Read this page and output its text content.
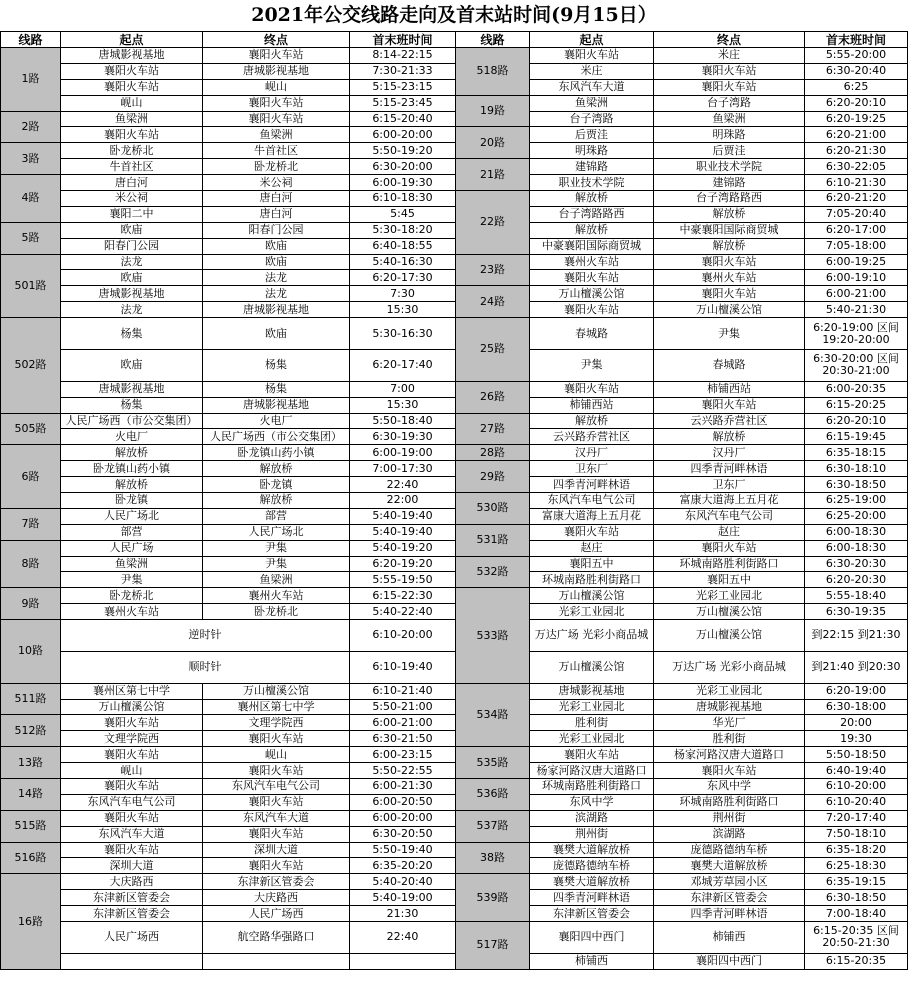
2021年公交线路走向及首末站时间(9月15日）
线路	起点	终点	首末班时间
1路	唐城影视基地	襄阳火车站	8:14-22:15
	襄阳火车站	唐城影视基地	7:30-21:33
	襄阳火车站	岘山	5:15-23:15
	岘山	襄阳火车站	5:15-23:45
2路	鱼梁洲	襄阳火车站	6:15-20:40
	襄阳火车站	鱼梁洲	6:00-20:00
3路	卧龙桥北	牛首社区	5:50-19:20
	牛首社区	卧龙桥北	6:30-20:00
4路	唐白河	米公祠	6:00-19:30
	米公祠	唐白河	6:10-18:30
	襄阳二中	唐白河	5:45
5路	欧庙	阳春门公园	5:30-18:20
	阳春门公园	欧庙	6:40-18:55
501路	法龙	欧庙	5:40-16:30
	欧庙	法龙	6:20-17:30
	唐城影视基地	法龙	7:30
	法龙	唐城影视基地	15:30
502路	杨集	欧庙	5:30-16:30
	欧庙	杨集	6:20-17:40
	唐城影视基地	杨集	7:00
	杨集	唐城影视基地	15:30
505路	人民广场西（市公交集团）	火电厂	5:50-18:40
	火电厂	人民广场西（市公交集团）	6:30-19:30
6路	解放桥	卧龙镇山药小镇	6:00-19:00
	卧龙镇山药小镇	解放桥	7:00-17:30
	解放桥	卧龙镇	22:40
	卧龙镇	解放桥	22:00
7路	人民广场北	部营	5:40-19:40
	部营	人民广场北	5:40-19:40
8路	人民广场	尹集	5:40-19:20
	鱼梁洲	尹集	6:20-19:20
	尹集	鱼梁洲	5:55-19:50
9路	卧龙桥北	襄州火车站	6:15-22:30
	襄州火车站	卧龙桥北	5:40-22:40
10路	逆时针		6:10-20:00
	顺时针		6:10-19:40
511路	襄州区第七中学	万山檀溪公馆	6:10-21:40
	万山檀溪公馆	襄州区第七中学	5:50-21:00
512路	襄阳火车站	文理学院西	6:00-21:00
	文理学院西	襄阳火车站	6:30-21:50
13路	襄阳火车站	岘山	6:00-23:15
	岘山	襄阳火车站	5:50-22:55
14路	襄阳火车站	东风汽车电气公司	6:00-21:30
	东风汽车电气公司	襄阳火车站	6:00-20:50
515路	襄阳火车站	东风汽车大道	6:00-20:00
	东风汽车大道	襄阳火车站	6:30-20:50
516路	襄阳火车站	深圳大道	5:50-19:40
	深圳大道	襄阳火车站	6:35-20:20
16路	大庆路西	东津新区管委会	5:40-20:40
	东津新区管委会	大庆路西	5:40-19:00
	东津新区管委会	人民广场西	21:30
	人民广场西	航空路华强路口	22:40

线路	起点	终点	首末班时间
518路	襄阳火车站	米庄	5:55-20:00
	米庄	襄阳火车站	6:30-20:40
	东风汽车大道	襄阳火车站	6:25
19路	鱼梁洲	台子湾路	6:20-20:10
	台子湾路	鱼梁洲	6:20-19:25
20路	后贾洼	明珠路	6:20-21:00
	明珠路	后贾洼	6:20-21:30
21路	建锦路	职业技术学院	6:30-22:05
	职业技术学院	建锦路	6:10-21:30
22路	解放桥	台子湾路路西	6:20-21:20
	台子湾路路西	解放桥	7:05-20:40
	解放桥	中豪襄阳国际商贸城	6:20-17:00
	中豪襄阳国际商贸城	解放桥	7:05-18:00
23路	襄州火车站	襄阳火车站	6:00-19:25
	襄阳火车站	襄州火车站	6:00-19:10
24路	万山檀溪公馆	襄阳火车站	6:00-21:00
	襄阳火车站	万山檀溪公馆	5:40-21:30
25路	春城路	尹集	6:20-19:00 区间19:20-20:00
	尹集	春城路	6:30-20:00 区间20:30-21:00
26路	襄阳火车站	柿铺西站	6:00-20:35
	柿铺西站	襄阳火车站	6:15-20:25
27路	解放桥	云兴路乔营社区	6:20-20:10
	云兴路乔营社区	解放桥	6:15-19:45
28路	汉丹厂	汉丹厂	6:35-18:15
29路	卫东厂	四季青河畔林语	6:30-18:10
	四季青河畔林语	卫东厂	6:30-18:50
530路	东风汽车电气公司	富康大道海上五月花	6:25-19:00
	富康大道海上五月花	东风汽车电气公司	6:25-20:00
531路	襄阳火车站	赵庄	6:00-18:30
	赵庄	襄阳火车站	6:00-18:30
532路	襄阳五中	环城南路胜利街路口	6:30-20:30
	环城南路胜利街路口	襄阳五中	6:20-20:30
533路	万山檀溪公馆	光彩工业园北	5:55-18:40
	光彩工业园北	万山檀溪公馆	6:30-19:35
	万达广场 光彩小商品城	万山檀溪公馆	到22:15 到21:30
	万山檀溪公馆	万达广场 光彩小商品城	到21:40 到20:30
534路	唐城影视基地	光彩工业园北	6:20-19:00
	光彩工业园北	唐城影视基地	6:30-18:00
	胜利街	华光厂	20:00
	光彩工业园北	胜利街	19:30
535路	襄阳火车站	杨家河路汉唐大道路口	5:50-18:50
	杨家河路汉唐大道路口	襄阳火车站	6:40-19:40
536路	环城南路胜利街路口	东风中学	6:10-20:00
	东风中学	环城南路胜利街路口	6:10-20:40
537路	滨湖路	荆州街	7:20-17:40
	荆州街	滨湖路	7:50-18:10
38路	襄樊大道解放桥	庞德路德纳车桥	6:35-18:20
	庞德路德纳车桥	襄樊大道解放桥	6:25-18:30
539路	襄樊大道解放桥	邓城芳草园小区	6:35-19:15
	四季青河畔林语	东津新区管委会	6:30-18:50
	东津新区管委会	四季青河畔林语	7:00-18:40
517路	襄阳四中西门	柿铺西	6:15-20:35 区间20:50-21:30
	柿铺西	襄阳四中西门	6:15-20:35
